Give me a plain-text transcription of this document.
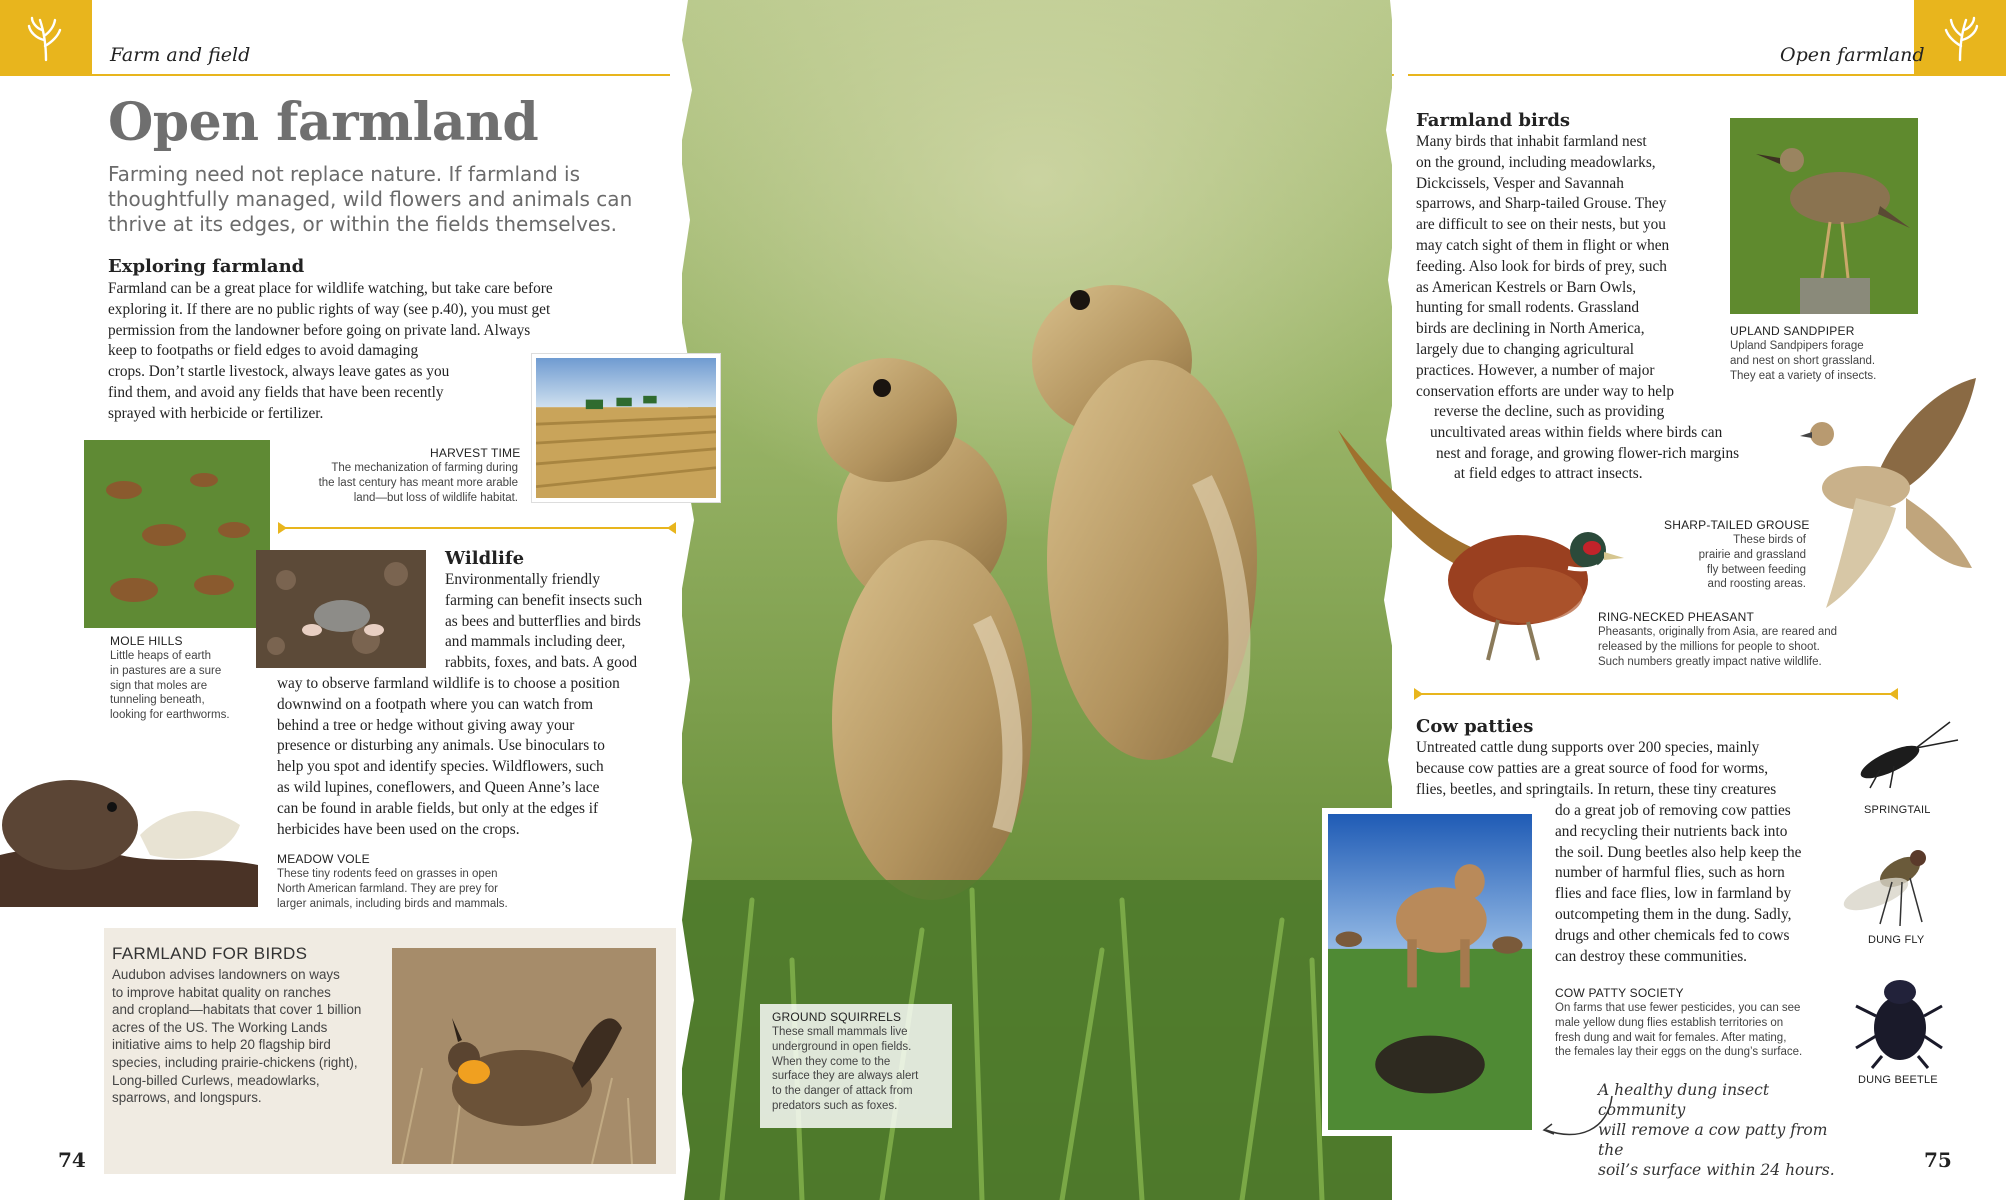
Farm and field	Open farmland
GROUND SQUIRRELS
These small mammals live
underground in open fields.
When they come to the
surface they are always alert
to the danger of attack from
predators such as foxes.
Open farmland
Farming need not replace nature. If farmland is thoughtfully managed, wild flowers and animals can thrive at its edges, or within the fields themselves.
Exploring farmland
Farmland can be a great place for wildlife watching, but take care before
exploring it. If there are no public rights of way (see p.40), you must get
permission from the landowner before going on private land. Always
keep to footpaths or field edges to avoid damaging
crops. Don’t startle livestock, always leave gates as you
find them, and avoid any fields that have been recently
sprayed with herbicide or fertilizer.
HARVEST TIME
The mechanization of farming during
the last century has meant more arable
land—but loss of wildlife habitat.
MOLE HILLS
Little heaps of earth
in pastures are a sure
sign that moles are
tunneling beneath,
looking for earthworms.
Wildlife
Environmentally friendly
farming can benefit insects such
as bees and butterflies and birds
and mammals including deer,
rabbits, foxes, and bats. A good
way to observe farmland wildlife is to choose a position
downwind on a footpath where you can watch from
behind a tree or hedge without giving away your
presence or disturbing any animals. Use binoculars to
help you spot and identify species. Wildflowers, such
as wild lupines, coneflowers, and Queen Anne’s lace
can be found in arable fields, but only at the edges if
herbicides have been used on the crops.
MEADOW VOLE
These tiny rodents feed on grasses in open
North American farmland. They are prey for
larger animals, including birds and mammals.
FARMLAND FOR BIRDS
Audubon advises landowners on ways
to improve habitat quality on ranches
and cropland—habitats that cover 1 billion
acres of the US. The Working Lands
initiative aims to help 20 flagship bird
species, including prairie-chickens (right),
Long-billed Curlews, meadowlarks,
sparrows, and longspurs.
74
Farmland birds
Many birds that inhabit farmland nest
on the ground, including meadowlarks,
Dickcissels, Vesper and Savannah
sparrows, and Sharp-tailed Grouse. They
are difficult to see on their nests, but you
may catch sight of them in flight or when
feeding. Also look for birds of prey, such
as American Kestrels or Barn Owls,
hunting for small rodents. Grassland
birds are declining in North America,
largely due to changing agricultural
practices. However, a number of major
conservation efforts are under way to help
reverse the decline, such as providing
uncultivated areas within fields where birds can
nest and forage, and growing flower-rich margins
at field edges to attract insects.
UPLAND SANDPIPER
Upland Sandpipers forage
and nest on short grassland.
They eat a variety of insects.
SHARP-TAILED GROUSE
These birds of
prairie and grassland
fly between feeding
and roosting areas.
RING-NECKED PHEASANT
Pheasants, originally from Asia, are reared and
released by the millions for people to shoot.
Such numbers greatly impact native wildlife.
Cow patties
Untreated cattle dung supports over 200 species, mainly
because cow patties are a great source of food for worms,
flies, beetles, and springtails. In return, these tiny creatures
do a great job of removing cow patties
and recycling their nutrients back into
the soil. Dung beetles also help keep the
number of harmful flies, such as horn
flies and face flies, low in farmland by
outcompeting them in the dung. Sadly,
drugs and other chemicals fed to cows
can destroy these communities.
SPRINGTAIL
DUNG FLY
DUNG BEETLE
COW PATTY SOCIETY
On farms that use fewer pesticides, you can see
male yellow dung flies establish territories on
fresh dung and wait for females. After mating,
the females lay their eggs on the dung’s surface.
A healthy dung insect community
will remove a cow patty from the
soil’s surface within 24 hours.	75
